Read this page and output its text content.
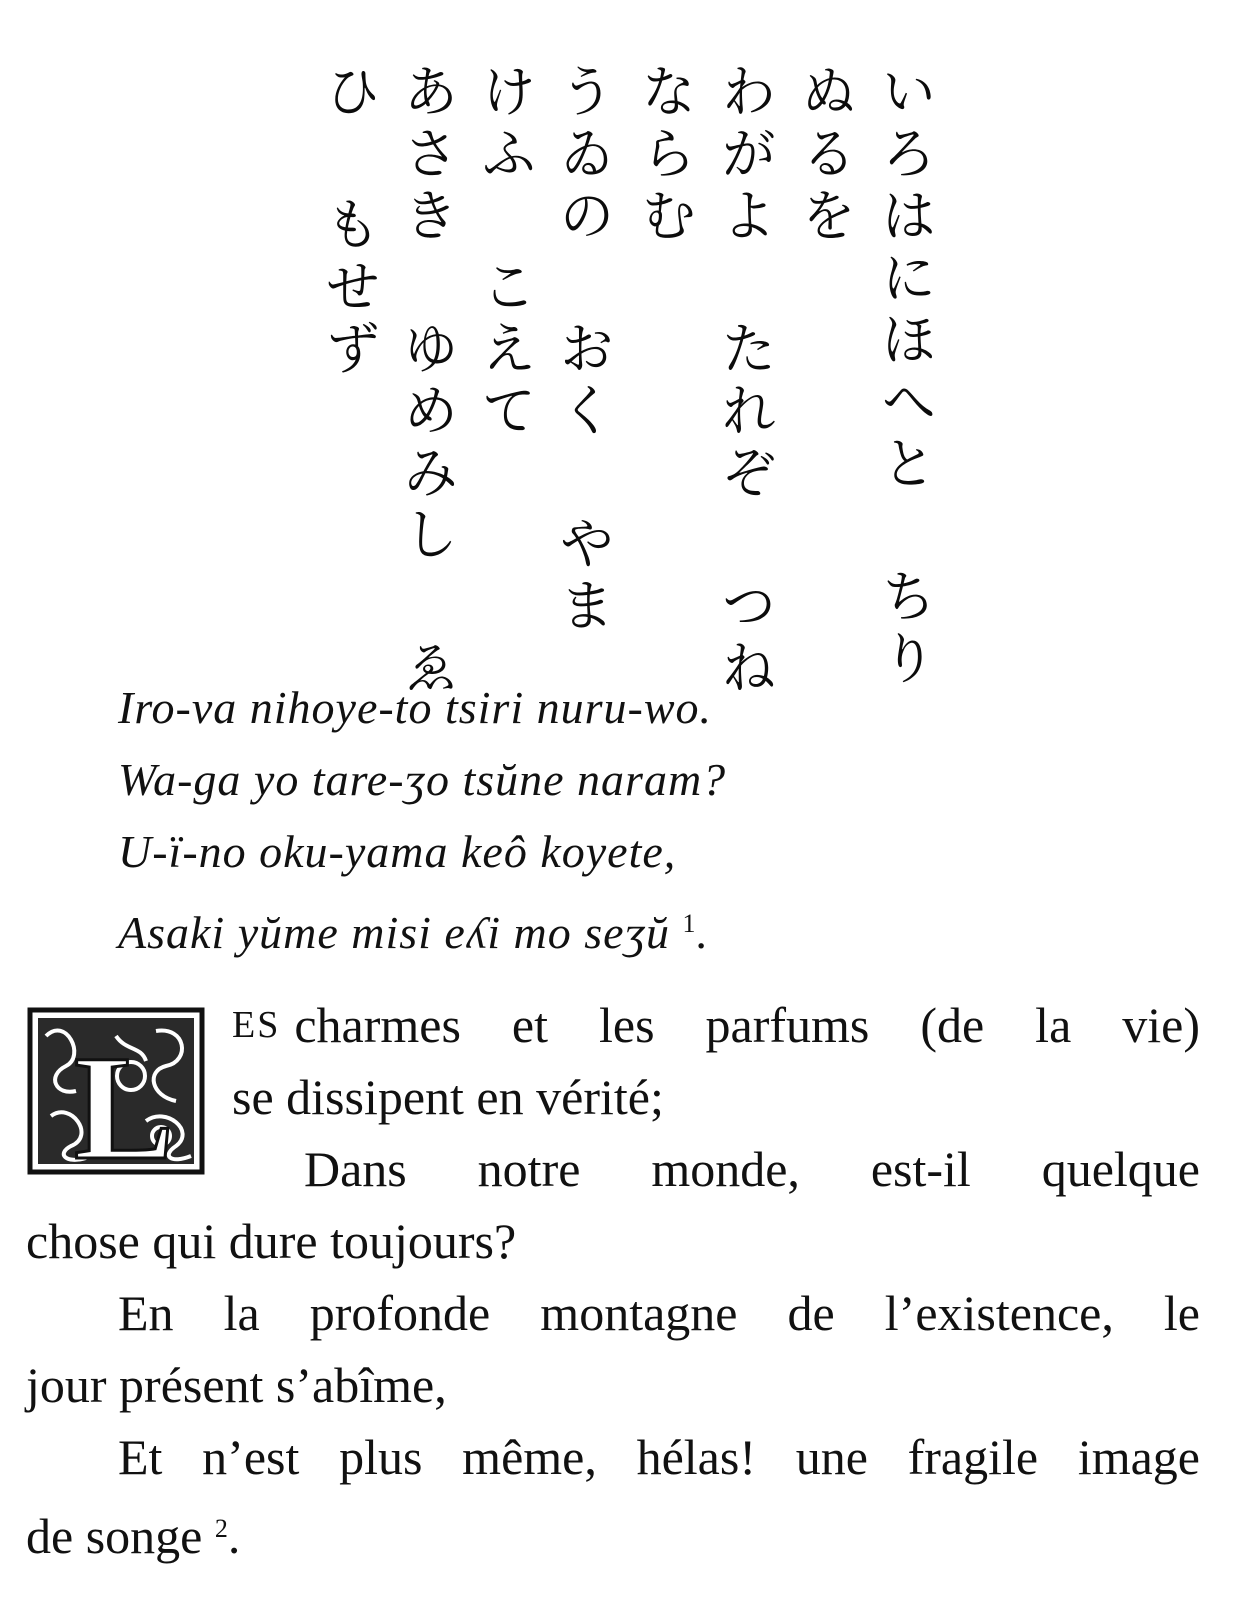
いろはにほへと ちり
ぬるを
わがよ たれぞ つね
ならむ
うゐの おく やま
けふ こえて
あさき ゆめみし ゑ
ひ もせず
Iro-va nihoye-to tsiri nuru-wo.
Wa-ga yo tare-ʒo tsŭne naram?
U-ï-no oku-yama keô koyete,
Asaki yŭme misi eʎi mo seʒŭ $^1$.
L ES charmes et les parfums (de la vie)
se dissipent en vérité;
Dans notre monde, est-il quelque
chose qui dure toujours?
En la profonde montagne de l’existence, le
jour présent s’abîme,
Et n’est plus même, hélas! une fragile image
de songe $^2$.
